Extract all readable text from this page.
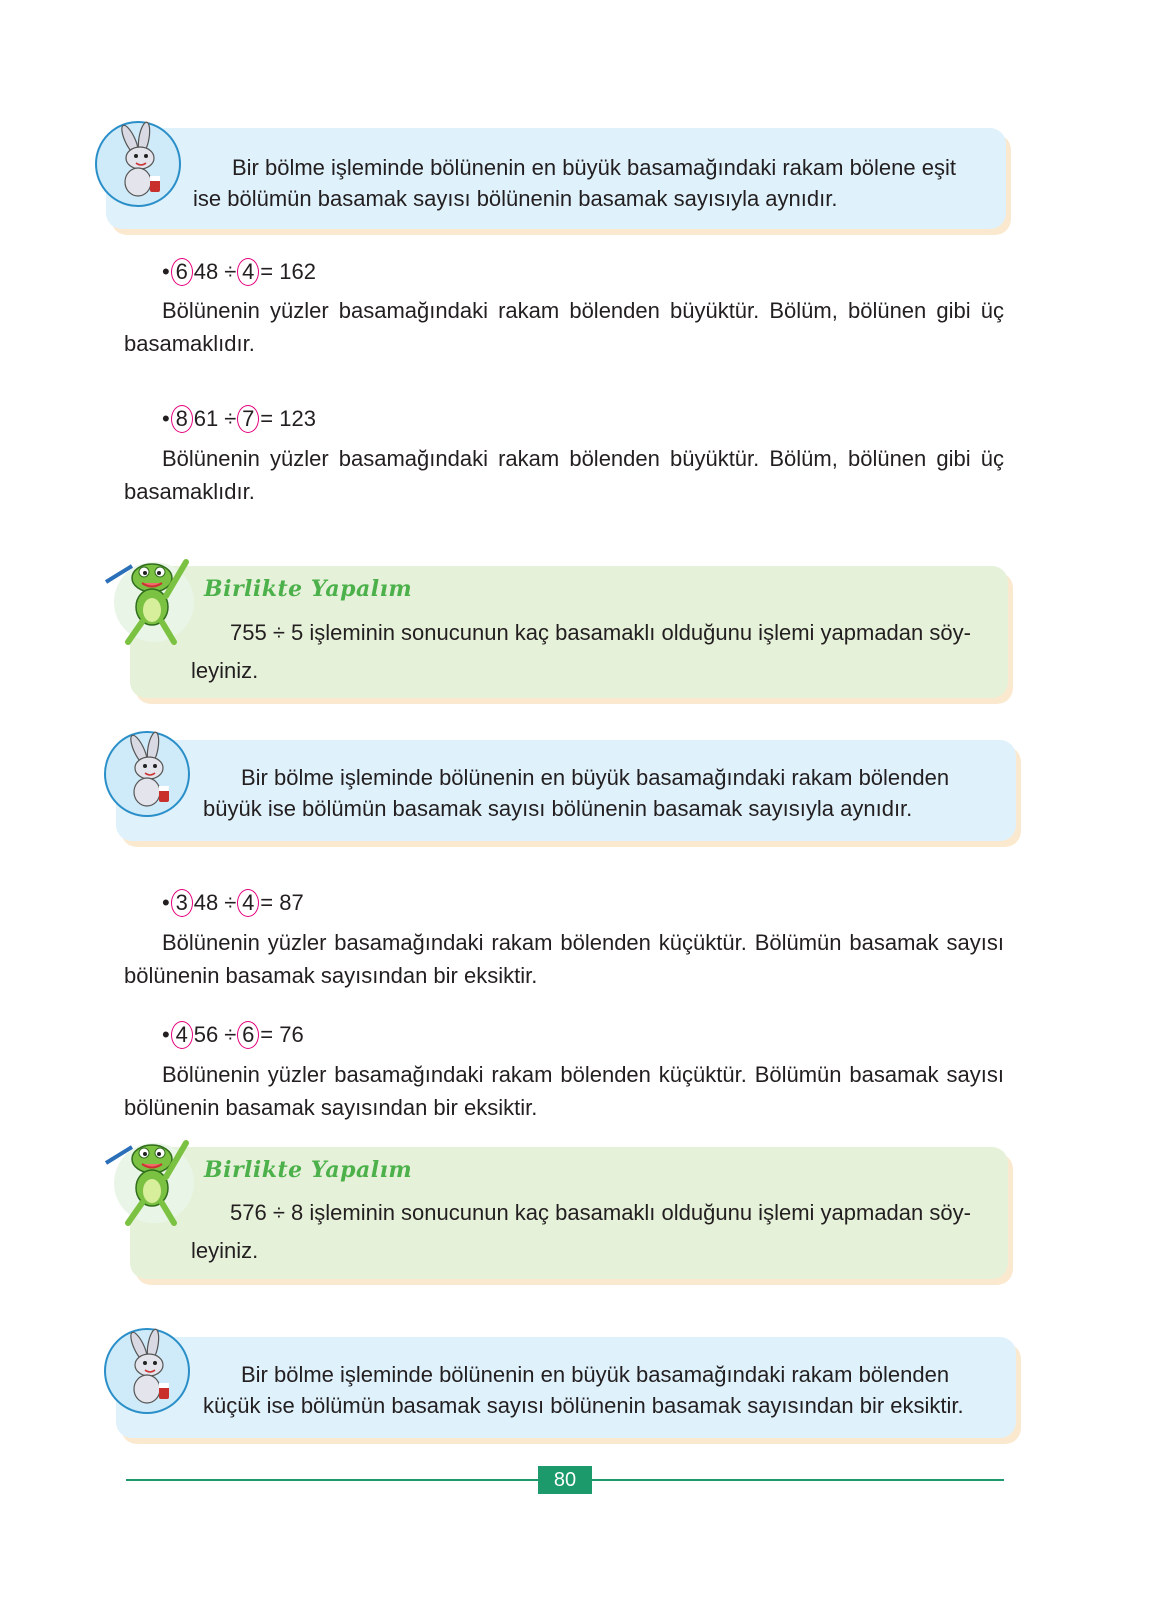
Bir bölme işleminde bölünenin en büyük basamağındaki rakam bölene eşit
ise bölümün basamak sayısı bölünenin basamak sayısıyla aynıdır.
• 6 48 ÷ 4 = 162
Bölünenin yüzler basamağındaki rakam bölenden büyüktür. Bölüm, bölünen gibi üç basamaklıdır.
• 8 61 ÷ 7 = 123
Bölünenin yüzler basamağındaki rakam bölenden büyüktür. Bölüm, bölünen gibi üç basamaklıdır.
Birlikte Yapalım
755 ÷ 5 işleminin sonucunun kaç basamaklı olduğunu işlemi yapmadan söy-
leyiniz.
Bir bölme işleminde bölünenin en büyük basamağındaki rakam bölenden
büyük ise bölümün basamak sayısı bölünenin basamak sayısıyla aynıdır.
• 3 48 ÷ 4 = 87
Bölünenin yüzler basamağındaki rakam bölenden küçüktür. Bölümün basamak sayısı bölünenin basamak sayısından bir eksiktir.
• 4 56 ÷ 6 = 76
Bölünenin yüzler basamağındaki rakam bölenden küçüktür. Bölümün basamak sayısı bölünenin basamak sayısından bir eksiktir.
Birlikte Yapalım
576 ÷ 8 işleminin sonucunun kaç basamaklı olduğunu işlemi yapmadan söy-
leyiniz.
Bir bölme işleminde bölünenin en büyük basamağındaki rakam bölenden
küçük ise bölümün basamak sayısı bölünenin basamak sayısından bir eksiktir.
80
